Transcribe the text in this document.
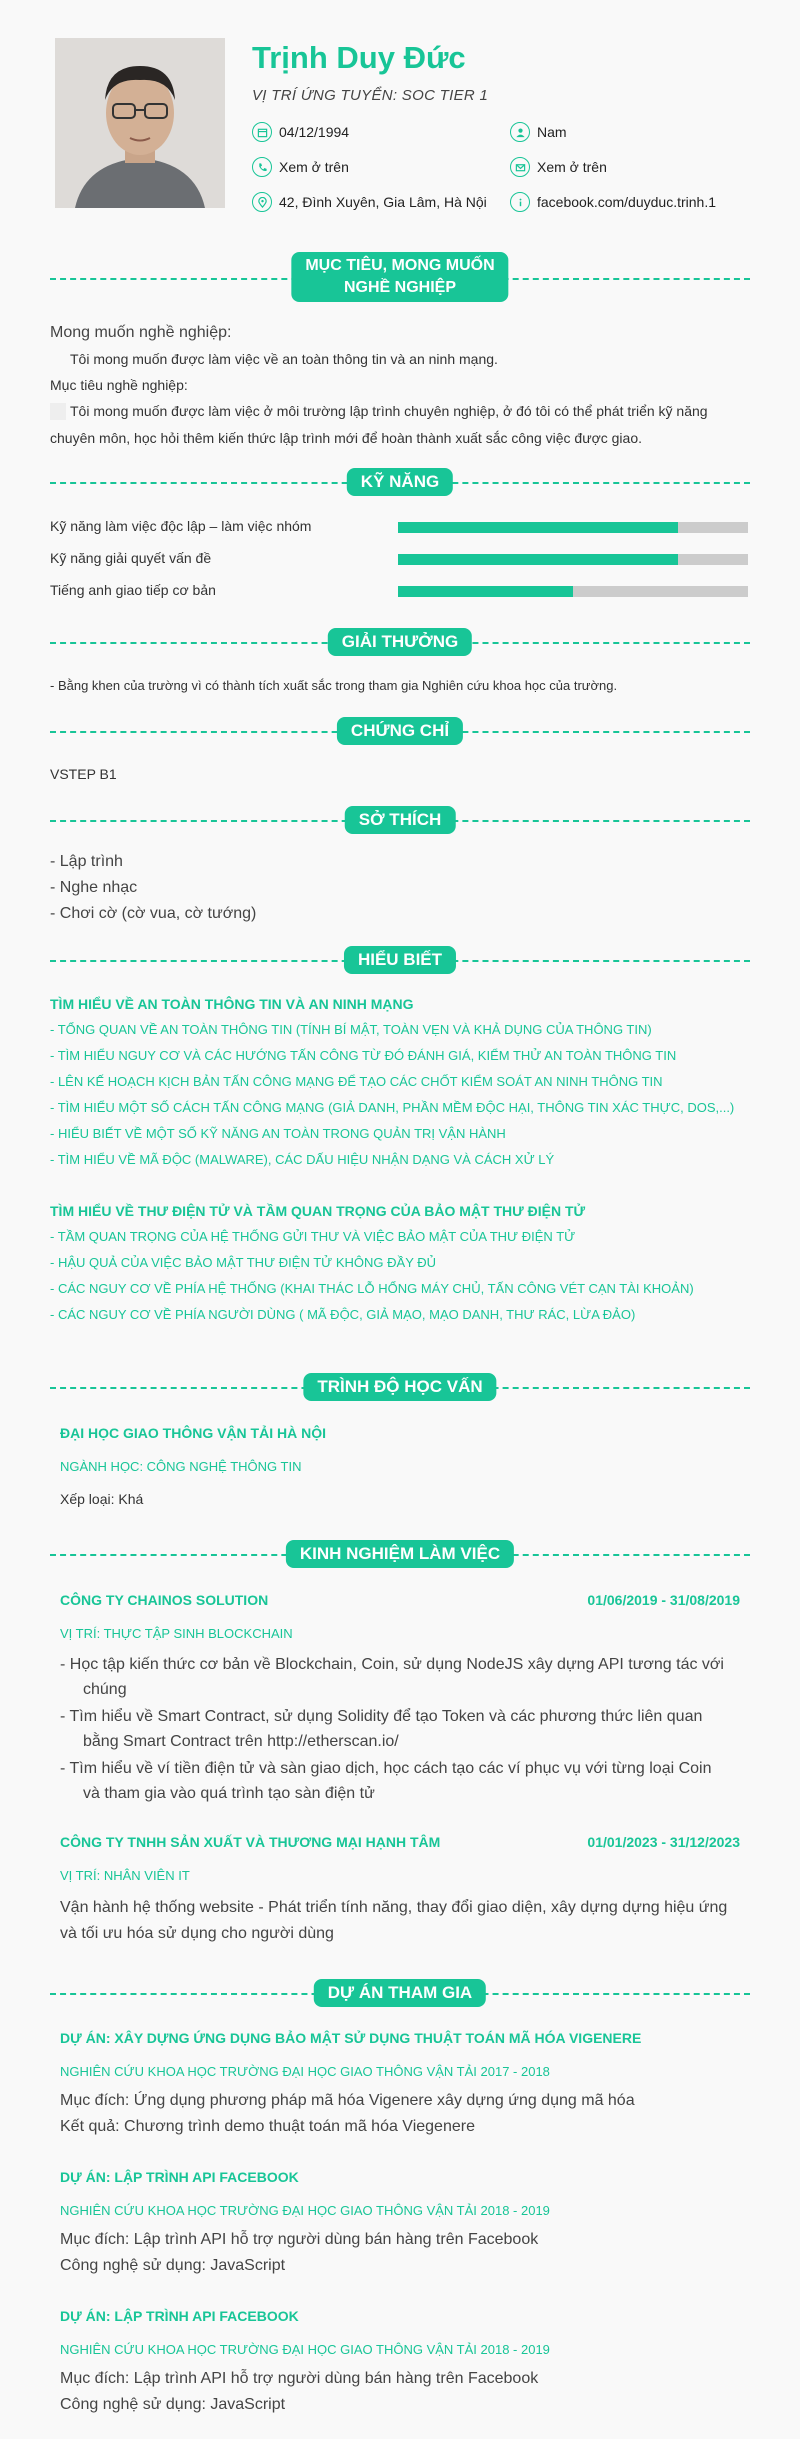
Trịnh Duy Đức
VỊ TRÍ ỨNG TUYỂN: SOC TIER 1
04/12/1994	Nam
Xem ở trên	Xem ở trên
42, Đình Xuyên, Gia Lâm, Hà Nội	facebook.com/duyduc.trinh.1
MỤC TIÊU, MONG MUỐN
NGHỀ NGHIỆP
Mong muốn nghề nghiệp:
Tôi mong muốn được làm việc về an toàn thông tin và an ninh mạng.
Mục tiêu nghề nghiệp:
Tôi mong muốn được làm việc ở môi trường lập trình chuyên nghiệp, ở đó tôi có thể phát triển kỹ năng
chuyên môn, học hỏi thêm kiến thức lập trình mới để hoàn thành xuất sắc công việc được giao.
KỸ NĂNG
Kỹ năng làm việc độc lập – làm việc nhóm
Kỹ năng giải quyết vấn đề
Tiếng anh giao tiếp cơ bản
GIẢI THƯỞNG
- Bằng khen của trường vì có thành tích xuất sắc trong tham gia Nghiên cứu khoa học của trường.
CHỨNG CHỈ
VSTEP B1
SỞ THÍCH
- Lập trình
- Nghe nhạc
- Chơi cờ (cờ vua, cờ tướng)
HIỂU BIẾT
TÌM HIỂU VỀ AN TOÀN THÔNG TIN VÀ AN NINH MẠNG
- TỔNG QUAN VỀ AN TOÀN THÔNG TIN (TÍNH BÍ MẬT, TOÀN VẸN VÀ KHẢ DỤNG CỦA THÔNG TIN)
- TÌM HIỂU NGUY CƠ VÀ CÁC HƯỚNG TẤN CÔNG TỪ ĐÓ ĐÁNH GIÁ, KIỂM THỬ AN TOÀN THÔNG TIN
- LÊN KẾ HOẠCH KỊCH BẢN TẤN CÔNG MẠNG ĐỂ TẠO CÁC CHỐT KIỂM SOÁT AN NINH THÔNG TIN
- TÌM HIỂU MỘT SỐ CÁCH TẤN CÔNG MẠNG (GIẢ DANH, PHẦN MỀM ĐỘC HẠI, THÔNG TIN XÁC THỰC, DOS,...)
- HIỂU BIẾT VỀ MỘT SỐ KỸ NĂNG AN TOÀN TRONG QUẢN TRỊ VẬN HÀNH
- TÌM HIỂU VỀ MÃ ĐỘC (MALWARE), CÁC DẤU HIỆU NHẬN DẠNG VÀ CÁCH XỬ LÝ
TÌM HIỂU VỀ THƯ ĐIỆN TỬ VÀ TẦM QUAN TRỌNG CỦA BẢO MẬT THƯ ĐIỆN TỬ
- TẦM QUAN TRỌNG CỦA HỆ THỐNG GỬI THƯ VÀ VIỆC BẢO MẬT CỦA THƯ ĐIỆN TỬ
- HẬU QUẢ CỦA VIỆC BẢO MẬT THƯ ĐIỆN TỬ KHÔNG ĐẦY ĐỦ
- CÁC NGUY CƠ VỀ PHÍA HỆ THỐNG (KHAI THÁC LỖ HỔNG MÁY CHỦ, TẤN CÔNG VÉT CẠN TÀI KHOẢN)
- CÁC NGUY CƠ VỀ PHÍA NGƯỜI DÙNG ( MÃ ĐỘC, GIẢ MẠO, MẠO DANH, THƯ RÁC, LỪA ĐẢO)
TRÌNH ĐỘ HỌC VẤN
ĐẠI HỌC GIAO THÔNG VẬN TẢI HÀ NỘI
NGÀNH HỌC: CÔNG NGHỆ THÔNG TIN
Xếp loại: Khá
KINH NGHIỆM LÀM VIỆC
CÔNG TY CHAINOS SOLUTION	01/06/2019 - 31/08/2019
VỊ TRÍ: THỰC TẬP SINH BLOCKCHAIN
- Học tập kiến thức cơ bản về Blockchain, Coin, sử dụng NodeJS xây dựng API tương tác với
chúng
- Tìm hiểu về Smart Contract, sử dụng Solidity để tạo Token và các phương thức liên quan
bằng Smart Contract trên http://etherscan.io/
- Tìm hiểu về ví tiền điện tử và sàn giao dịch, học cách tạo các ví phục vụ với từng loại Coin
và tham gia vào quá trình tạo sàn điện tử
CÔNG TY TNHH SẢN XUẤT VÀ THƯƠNG MẠI HẠNH TÂM	01/01/2023 - 31/12/2023
VỊ TRÍ: NHÂN VIÊN IT
Vận hành hệ thống website - Phát triển tính năng, thay đổi giao diện, xây dựng dựng hiệu ứng
và tối ưu hóa sử dụng cho người dùng
DỰ ÁN THAM GIA
DỰ ÁN: XÂY DỰNG ỨNG DỤNG BẢO MẬT SỬ DỤNG THUẬT TOÁN MÃ HÓA VIGENERE
NGHIÊN CỨU KHOA HỌC TRƯỜNG ĐẠI HỌC GIAO THÔNG VẬN TẢI 2017 - 2018
Mục đích: Ứng dụng phương pháp mã hóa Vigenere xây dựng ứng dụng mã hóa
Kết quả: Chương trình demo thuật toán mã hóa Viegenere
DỰ ÁN: LẬP TRÌNH API FACEBOOK
NGHIÊN CỨU KHOA HỌC TRƯỜNG ĐẠI HỌC GIAO THÔNG VẬN TẢI 2018 - 2019
Mục đích: Lập trình API hỗ trợ người dùng bán hàng trên Facebook
Công nghệ sử dụng: JavaScript
DỰ ÁN: LẬP TRÌNH API FACEBOOK
NGHIÊN CỨU KHOA HỌC TRƯỜNG ĐẠI HỌC GIAO THÔNG VẬN TẢI 2018 - 2019
Mục đích: Lập trình API hỗ trợ người dùng bán hàng trên Facebook
Công nghệ sử dụng: JavaScript
